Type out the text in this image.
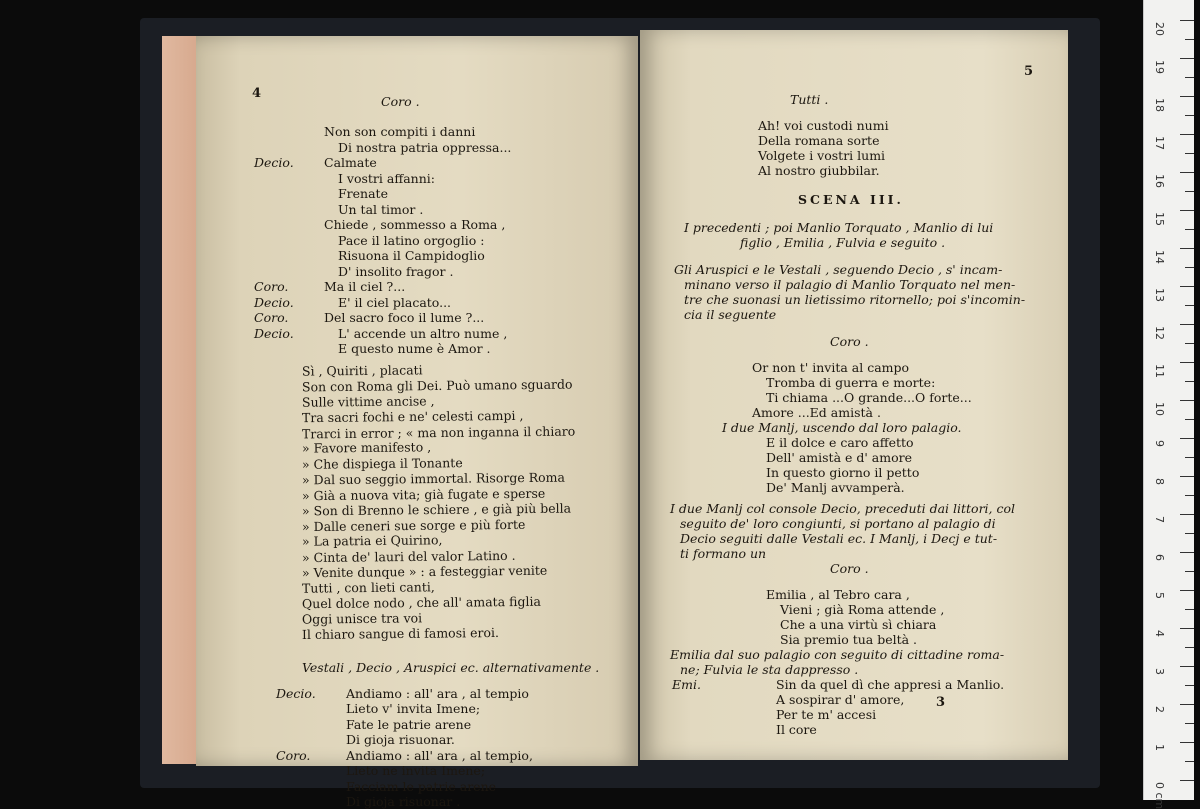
4
Coro .
Non son compiti i danni
Di nostra patria oppressa...
Decio. Calmate
I vostri affanni:
Frenate
Un tal timor .
Chiede , sommesso a Roma ,
Pace il latino orgoglio :
Risuona il Campidoglio
D' insolito fragor .
Coro.	Ma il ciel ?...
Decio.	E' il ciel placato...
Coro.	Del sacro foco il lume ?...
Decio.	L' accende un altro nume ,
E questo nume è Amor .
Sì , Quiriti , placati
Son con Roma gli Dei. Può umano sguardo
Sulle vittime ancise ,
Tra sacri fochi e ne' celesti campi ,
Trarci in error ; « ma non inganna il chiaro
» Favore manifesto ,
» Che dispiega il Tonante
» Dal suo seggio immortal. Risorge Roma
» Già a nuova vita; già fugate e sperse
» Son di Brenno le schiere , e già più bella
» Dalle ceneri sue sorge e più forte
» La patria ei Quirino,
» Cinta de' lauri del valor Latino .
» Venite dunque » : a festeggiar venite
Tutti , con lieti canti,
Quel dolce nodo , che all' amata figlia
Oggi unisce tra voi
Il chiaro sangue di famosi eroi.
Vestali , Decio , Aruspici ec. alternativamente .
Decio. Andiamo : all' ara , al tempio
Lieto v' invita Imene;
Fate le patrie arene
Di gioja risuonar.
Coro.	Andiamo : all' ara , al tempio,
Lieto ne invita Imene;
Facciam le patrie arene
Di gioja risuonar .
5
Tutti .
Ah! voi custodi numi
Della romana sorte
Volgete i vostri lumi
Al nostro giubbilar.
SCENA III.
I precedenti ; poi Manlio Torquato , Manlio di lui
figlio , Emilia , Fulvia e seguito .
Gli Aruspici e le Vestali , seguendo Decio , s' incam-
minano verso il palagio di Manlio Torquato nel men-
tre che suonasi un lietissimo ritornello; poi s'incomin-
cia il seguente
Coro .
Or non t' invita al campo
Tromba di guerra e morte:
Ti chiama ...O grande...O forte...
Amore ...Ed amistà .
I due Manlj, uscendo dal loro palagio.
E il dolce e caro affetto
Dell' amistà e d' amore
In questo giorno il petto
De' Manlj avvamperà.
I due Manlj col console Decio, preceduti dai littori, col
seguito de' loro congiunti, si portano al palagio di
Decio seguiti dalle Vestali ec. I Manlj, i Decj e tut-
ti formano un
Coro .
Emilia , al Tebro cara ,
Vieni ; già Roma attende ,
Che a una virtù sì chiara
Sia premio tua beltà .
Emilia dal suo palagio con seguito di cittadine roma-
ne; Fulvia le sta dappresso .
Emi.	Sin da quel dì che appresi a Manlio.
A sospirar d' amore,
Per te m' accesi
Il core
3
20
19
18
17
16
15
14
13
12
11
10
9
8
7
6
5
4
3
2
1
0 cm
